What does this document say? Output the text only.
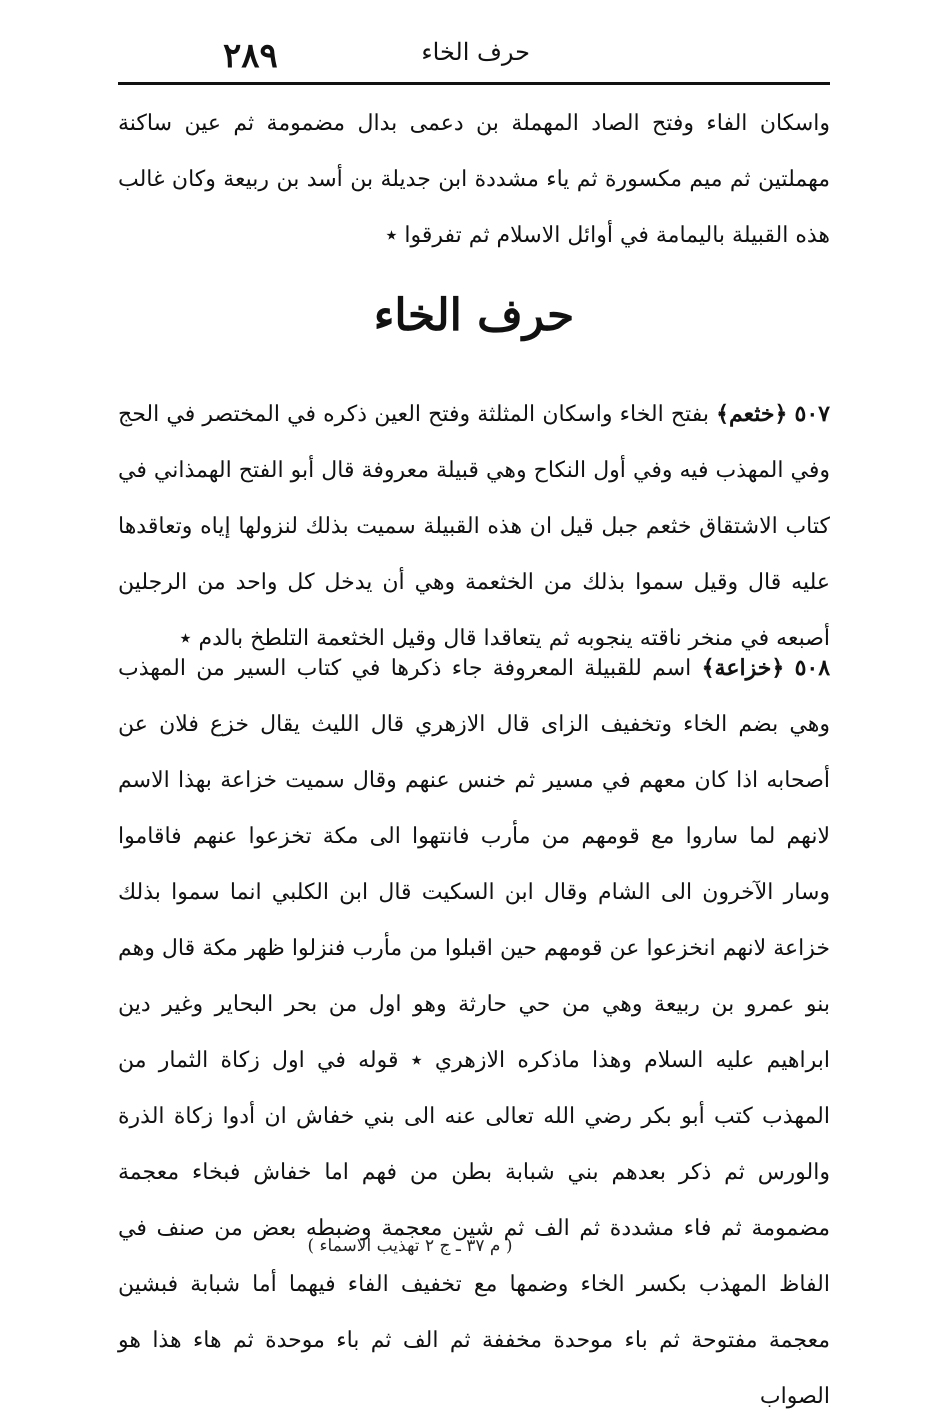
٢٨٩	حرف الخاء

واسكان الفاء وفتح الصاد المهملة بن دعمى بدال مضمومة ثم عين ساكنة مهملتين ثم ميم مكسورة ثم ياء مشددة ابن جديلة بن أسد بن ربيعة وكان غالب هذه القبيلة باليمامة في أوائل الاسلام ثم تفرقوا ٭

حرف الخاء

٥٠٧ ﴿خثعم﴾ بفتح الخاء واسكان المثلثة وفتح العين ذكره في المختصر في الحج وفي المهذب فيه وفي أول النكاح وهي قبيلة معروفة قال أبو الفتح الهمذاني في كتاب الاشتقاق خثعم جبل قيل ان هذه القبيلة سميت بذلك لنزولها إياه وتعاقدها عليه قال وقيل سموا بذلك من الخثعمة وهي أن يدخل كل واحد من الرجلين أصبعه في منخر ناقته ينجوبه ثم يتعاقدا قال وقيل الخثعمة التلطخ بالدم ٭

٥٠٨ ﴿خزاعة﴾ اسم للقبيلة المعروفة جاء ذكرها في كتاب السير من المهذب وهي بضم الخاء وتخفيف الزاى قال الازهري قال الليث يقال خزع فلان عن أصحابه اذا كان معهم في مسير ثم خنس عنهم وقال سميت خزاعة بهذا الاسم لانهم لما ساروا مع قومهم من مأرب فانتهوا الى مكة تخزعوا عنهم فاقاموا وسار الآخرون الى الشام وقال ابن السكيت قال ابن الكلبي انما سموا بذلك خزاعة لانهم انخزعوا عن قومهم حين اقبلوا من مأرب فنزلوا ظهر مكة قال وهم بنو عمرو بن ربيعة وهي من حي حارثة وهو اول من بحر البحاير وغير دين ابراهيم عليه السلام وهذا ماذكره الازهري ٭ قوله في اول زكاة الثمار من المهذب كتب أبو بكر رضي الله تعالى عنه الى بني خفاش ان أدوا زكاة الذرة والورس ثم ذكر بعدهم بني شبابة بطن من فهم اما خفاش فبخاء معجمة مضمومة ثم فاء مشددة ثم الف ثم شين معجمة وضبطه بعض من صنف في الفاظ المهذب بكسر الخاء وضمها مع تخفيف الفاء فيهما أما شبابة فبشين معجمة مفتوحة ثم باء موحدة مخففة ثم الف ثم باء موحدة ثم هاء هذا هو الصواب

( م ٣٧ ـ ج ٢ تهذيب الاسماء )
